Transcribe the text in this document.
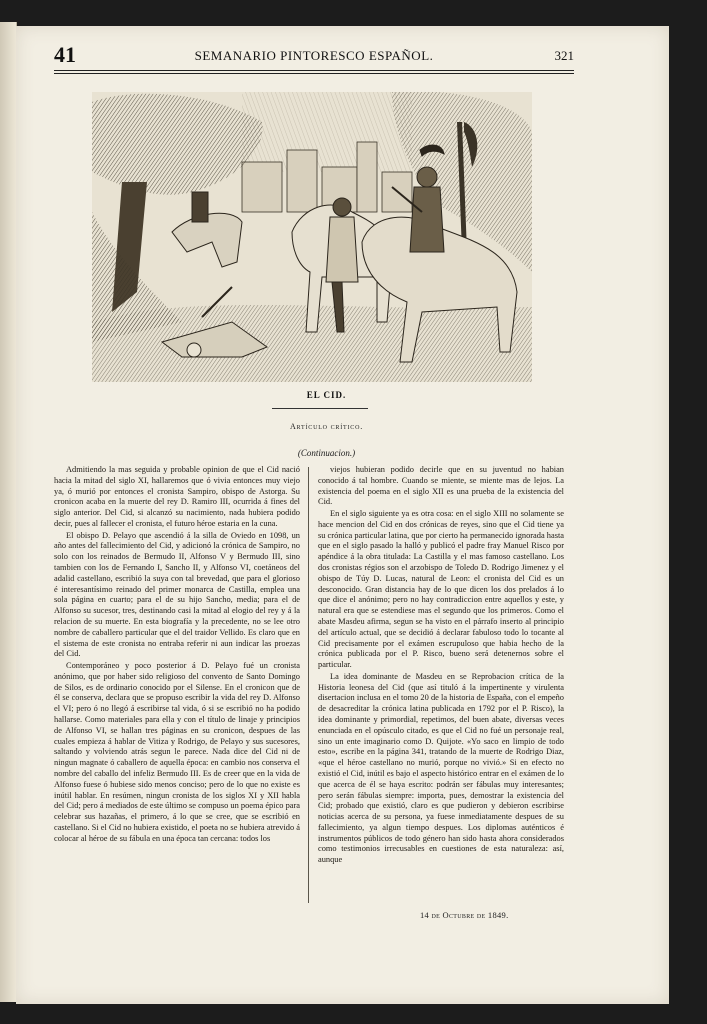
41	SEMANARIO PINTORESCO ESPAÑOL.	321
EL CID.
Artículo crítico.
(Continuacion.)

Admitiendo la mas seguida y probable opinion de que el Cid nació hacia la mitad del siglo XI, hallaremos que ó vivia entonces muy viejo ya, ó murió por entonces el cronista Sampiro, obispo de Astorga. Su cronicon acaba en la muerte del rey D. Ramiro III, ocurrida á fines del siglo anterior. Del Cid, si alcanzó su nacimiento, nada hubiera podido decir, pues al fallecer el cronista, el futuro héroe estaria en la cuna.

El obispo D. Pelayo que ascendió á la silla de Oviedo en 1098, un año antes del fallecimiento del Cid, y adicionó la crónica de Sampiro, no solo con los reinados de Bermudo II, Alfonso V y Bermudo III, sino tambien con los de Fernando I, Sancho II, y Alfonso VI, coetáneos del adalid castellano, escribió la suya con tal brevedad, que para el glorioso é interesantísimo reinado del primer monarca de Castilla, emplea una sola página en cuarto; para el de su hijo Sancho, media; para el de Alfonso su sucesor, tres, destinando casi la mitad al elogio del rey y á la relacion de su muerte. En esta biografía y la precedente, no se lee otro nombre de caballero particular que el del traidor Vellido. Es claro que en el sistema de este cronista no entraba referir ni aun indicar las proezas del Cid.

Contemporáneo y poco posterior á D. Pelayo fué un cronista anónimo, que por haber sido religioso del convento de Santo Domingo de Silos, es de ordinario conocido por el Silense. En el cronicon que de él se conserva, declara que se propuso escribir la vida del rey D. Alfonso el VI; pero ó no llegó á escribirse tal vida, ó si se escribió no ha podido hallarse. Como materiales para ella y con el título de linaje y principios de Alfonso VI, se hallan tres páginas en su cronicon, despues de las cuales empieza á hablar de Vitiza y Rodrigo, de Pelayo y sus sucesores, saltando y volviendo atrás segun le parece. Nada dice del Cid ni de ningun magnate ó caballero de aquella época: en cambio nos conserva el nombre del caballo del infeliz Bermudo III. Es de creer que en la vida de Alfonso fuese ó hubiese sido menos conciso; pero de lo que no existe es inútil hablar. En resúmen, ningun cronista de los siglos XI y XII habla del Cid; pero á mediados de este último se compuso un poema épico para celebrar sus hazañas, el primero, á lo que se cree, que se escribió en castellano. Si el Cid no hubiera existido, el poeta no se hubiera atrevido á colocar al héroe de su fábula en una época tan cercana: todos los

viejos hubieran podido decirle que en su juventud no habian conocido á tal hombre. Cuando se miente, se miente mas de lejos. La existencia del poema en el siglo XII es una prueba de la existencia del Cid.

En el siglo siguiente ya es otra cosa: en el siglo XIII no solamente se hace mencion del Cid en dos crónicas de reyes, sino que el Cid tiene ya su crónica particular latina, que por cierto ha permanecido ignorada hasta que en el siglo pasado la halló y publicó el padre fray Manuel Risco por apéndice á la obra titulada: La Castilla y el mas famoso castellano. Los dos cronistas régios son el arzobispo de Toledo D. Rodrigo Jimenez y el obispo de Túy D. Lucas, natural de Leon: el cronista del Cid es un desconocido. Gran distancia hay de lo que dicen los dos prelados á lo que dice el anónimo; pero no hay contradiccion entre aquellos y este, y natural era que se estendiese mas el segundo que los primeros. Como el abate Masdeu afirma, segun se ha visto en el párrafo inserto al principio del artículo actual, que se decidió á declarar fabuloso todo lo tocante al Cid precisamente por el exámen escrupuloso que habia hecho de la crónica publicada por el P. Risco, bueno será detenernos sobre el particular.

La idea dominante de Masdeu en se Reprobacion crítica de la Historia leonesa del Cid (que así tituló á la impertinente y virulenta disertacion inclusa en el tomo 20 de la historia de España, con el empeño de desacreditar la crónica latina publicada en 1792 por el P. Risco), la idea dominante y primordial, repetimos, del buen abate, diversas veces enunciada en el opúsculo citado, es que el Cid no fué un personaje real, sino un ente imaginario como D. Quijote. «Yo saco en limpio de todo esto», escribe en la página 341, tratando de la muerte de Rodrigo Diaz, «que el héroe castellano no murió, porque no vivió.» Si en efecto no existió el Cid, inútil es bajo el aspecto histórico entrar en el exámen de lo que acerca de él se haya escrito: podrán ser fábulas muy interesantes; pero serán fábulas siempre: importa, pues, demostrar la existencia del Cid; probado que existió, claro es que pudieron y debieron escribirse noticias acerca de su persona, ya fuese inmediatamente despues de su fallecimiento, ya algun tiempo despues. Los diplomas auténticos é instrumentos públicos de todo género han sido hasta ahora considerados como testimonios irrecusables en cuestiones de esta naturaleza: así, aunque

14 de Octubre de 1849.
